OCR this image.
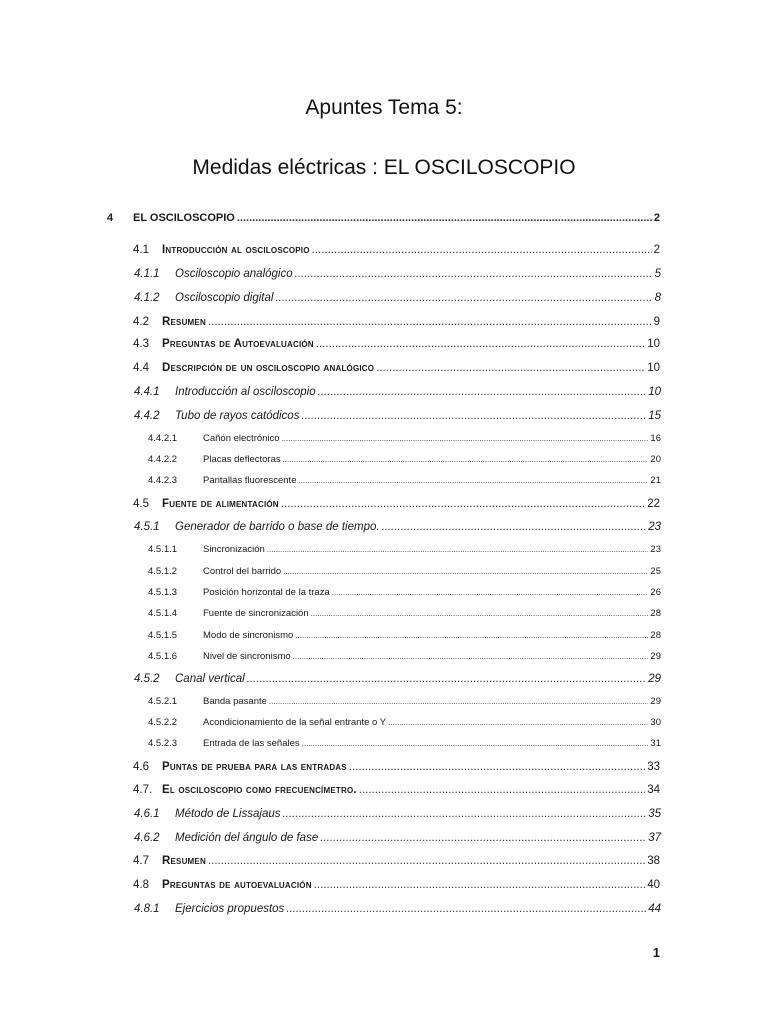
Apuntes Tema 5:
Medidas eléctricas : EL OSCILOSCOPIO
4	EL OSCILOSCOPIO .....	2
4.1	Introducción al osciloscopio .....	2
4.1.1	Osciloscopio analógico .....	5
4.1.2	Osciloscopio digital .....	8
4.2	Resumen .....	9
4.3	Preguntas de Autoevaluación .....	10
4.4	Descripción de un osciloscopio analógico .....	10
4.4.1	Introducción al osciloscopio .....	10
4.4.2	Tubo de rayos catódicos .....	15
4.4.2.1	Cañón electrónico .....	16
4.4.2.2	Placas deflectoras .....	20
4.4.2.3	Pantallas fluorescente .....	21
4.5	Fuente de alimentación .....	22
4.5.1	Generador de barrido o base de tiempo. .....	23
4.5.1.1	Sincronización .....	23
4.5.1.2	Control del barrido .....	25
4.5.1.3	Posición horizontal de la traza .....	26
4.5.1.4	Fuente de sincronización .....	28
4.5.1.5	Modo de sincronismo .....	28
4.5.1.6	Nivel de sincronismo .....	29
4.5.2	Canal vertical .....	29
4.5.2.1	Banda pasante .....	29
4.5.2.2	Acondicionamiento de la señal entrante o Y .....	30
4.5.2.3	Entrada de las señales .....	31
4.6	Puntas de prueba para las entradas .....	33
4.7. El osciloscopio como frecuencímetro. .....	34
4.6.1	Método de Lissajaus .....	35
4.6.2	Medición del ángulo de fase .....	37
4.7	Resumen .....	38
4.8	Preguntas de autoevaluación .....	40
4.8.1	Ejercicios propuestos .....	44
1
